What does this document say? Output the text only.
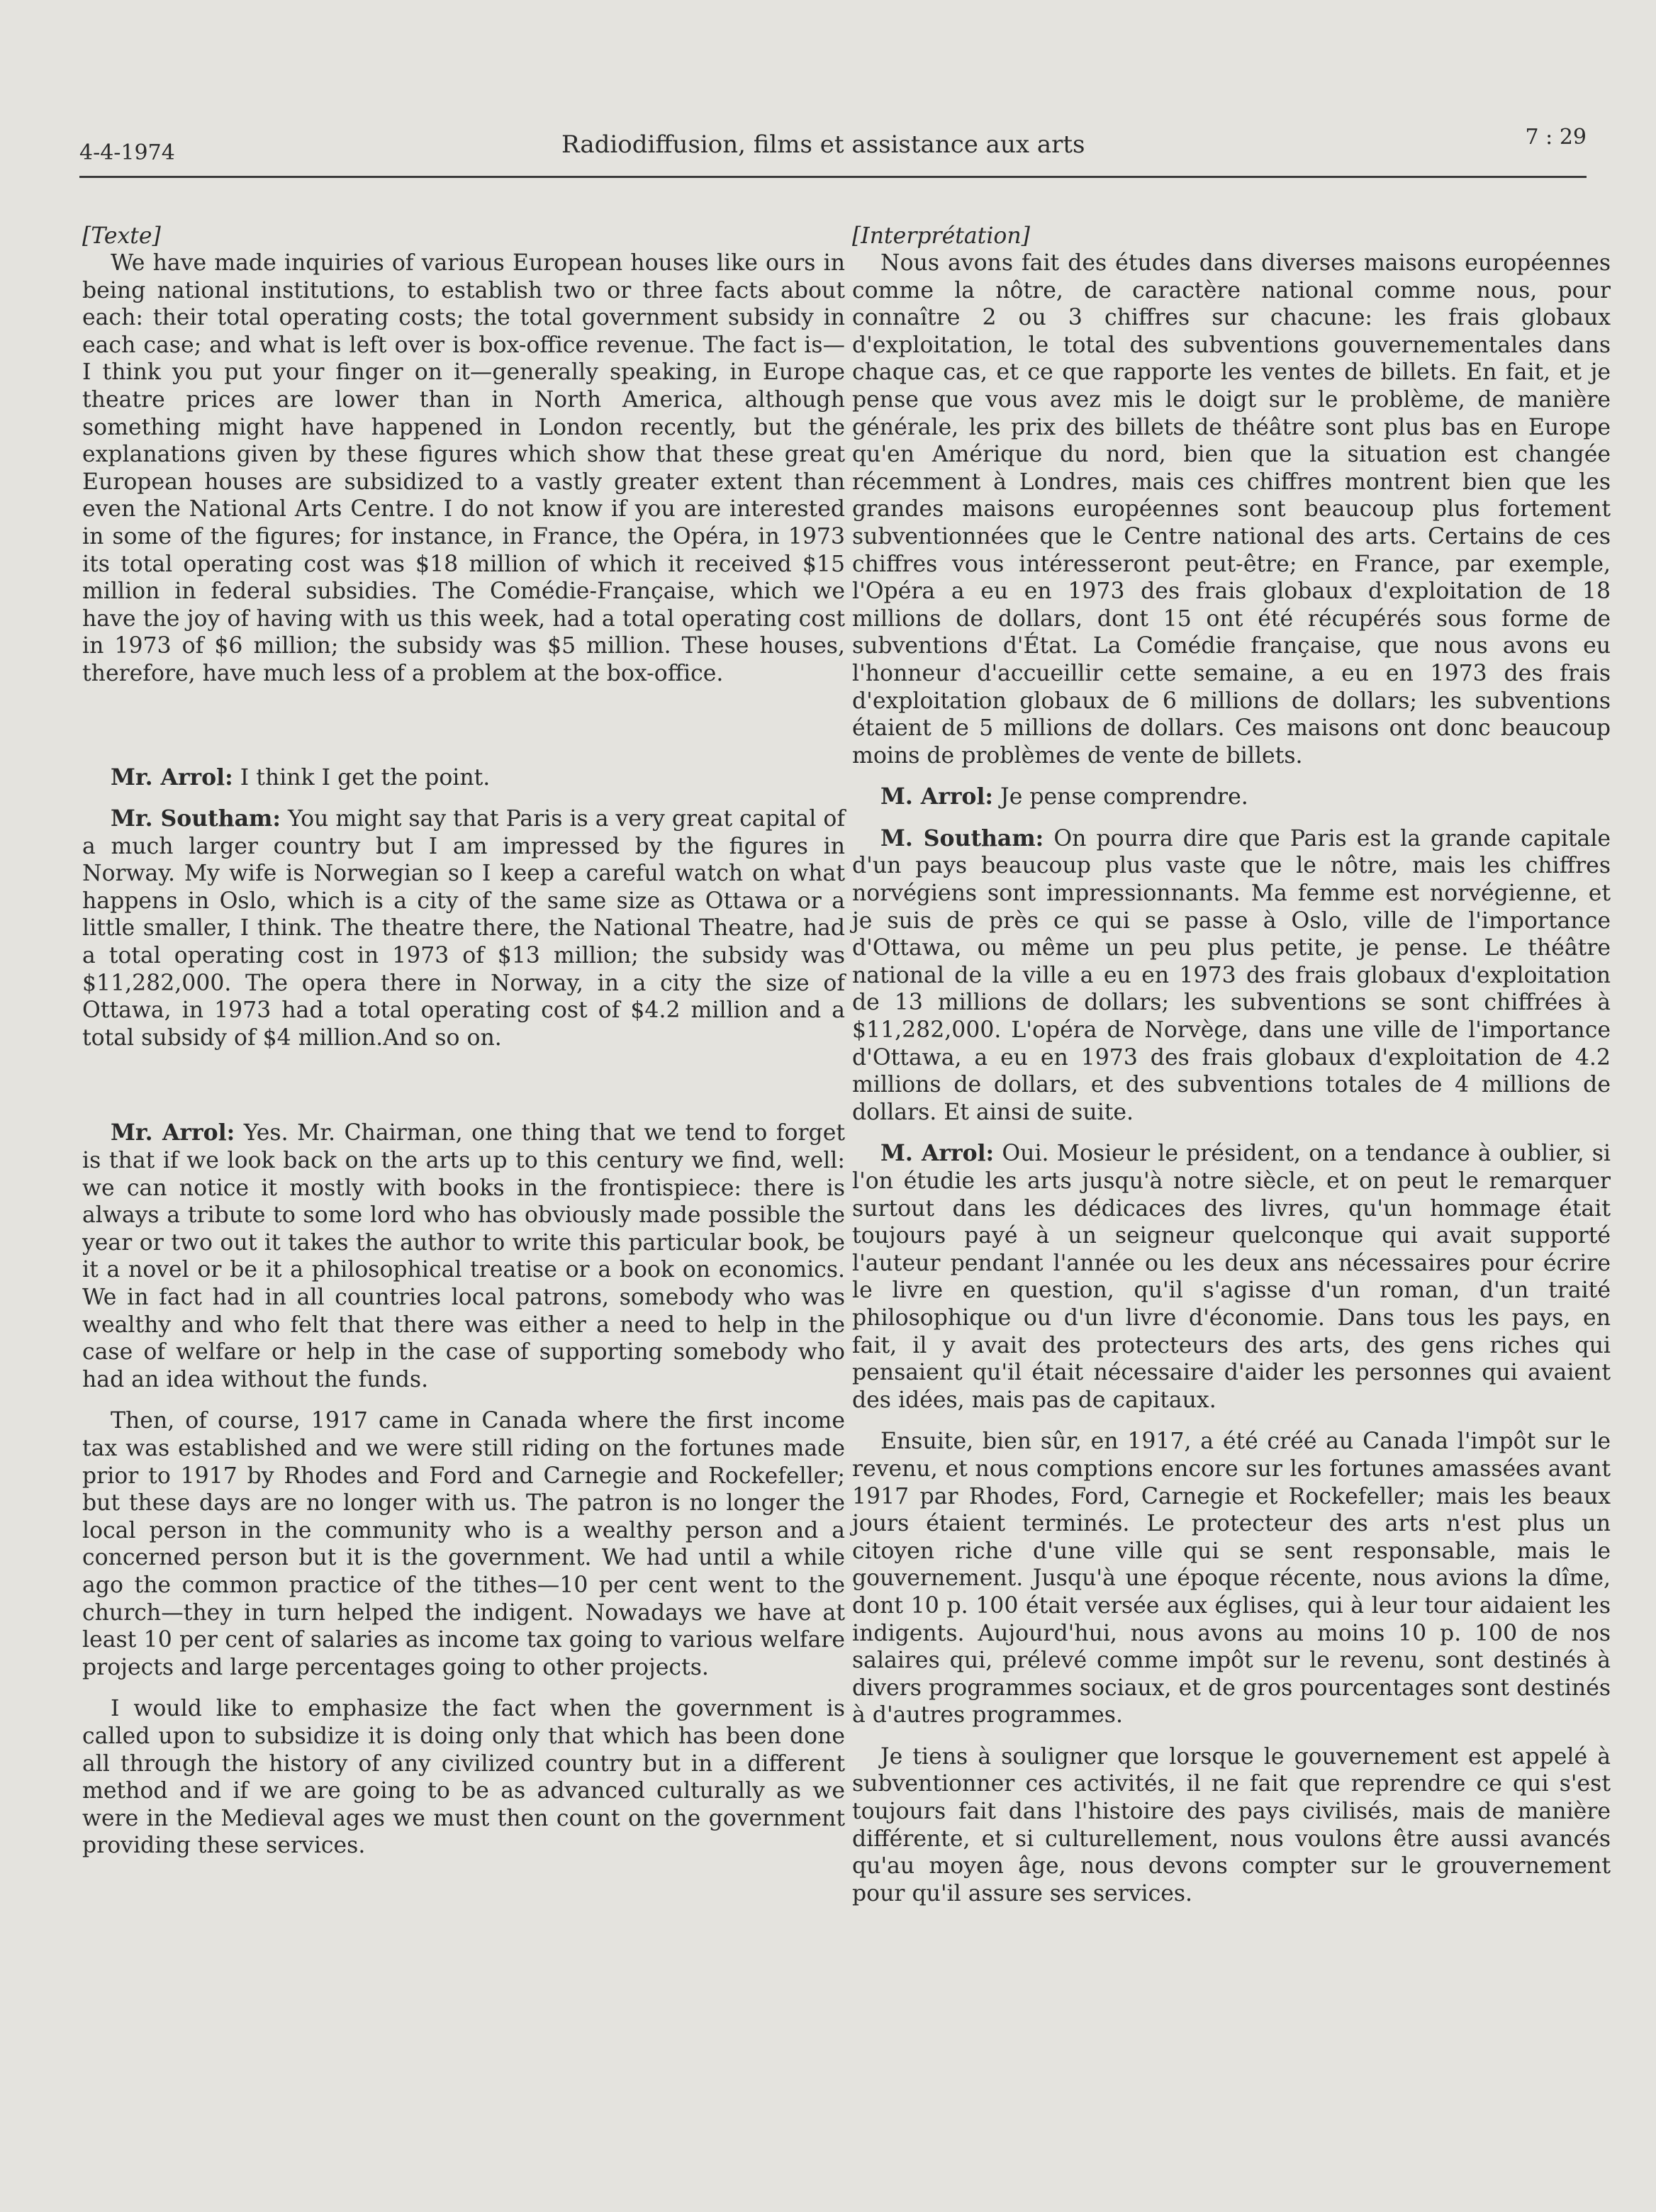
4-4-1974	Radiodiffusion, films et assistance aux arts	7 : 29

[Texte]

We have made inquiries of various European houses like ours in being national institutions, to establish two or three facts about each: their total operating costs; the total government subsidy in each case; and what is left over is box-office revenue. The fact is—I think you put your finger on it—generally speaking, in Europe theatre prices are lower than in North America, although something might have happened in London recently, but the explanations given by these figures which show that these great European houses are subsidized to a vastly greater extent than even the National Arts Centre. I do not know if you are interested in some of the figures; for instance, in France, the Opéra, in 1973 its total operating cost was $18 million of which it received $15 million in federal subsidies. The Comédie-Française, which we have the joy of having with us this week, had a total operating cost in 1973 of $6 million; the subsidy was $5 million. These houses, therefore, have much less of a problem at the box-office.

Mr. Arrol: I think I get the point.

Mr. Southam: You might say that Paris is a very great capital of a much larger country but I am impressed by the figures in Norway. My wife is Norwegian so I keep a careful watch on what happens in Oslo, which is a city of the same size as Ottawa or a little smaller, I think. The theatre there, the National Theatre, had a total operating cost in 1973 of $13 million; the subsidy was $11,282,000. The opera there in Norway, in a city the size of Ottawa, in 1973 had a total operating cost of $4.2 million and a total subsidy of $4 million.And so on.

Mr. Arrol: Yes. Mr. Chairman, one thing that we tend to forget is that if we look back on the arts up to this century we find, well: we can notice it mostly with books in the frontispiece: there is always a tribute to some lord who has obviously made possible the year or two out it takes the author to write this particular book, be it a novel or be it a philosophical treatise or a book on economics. We in fact had in all countries local patrons, somebody who was wealthy and who felt that there was either a need to help in the case of welfare or help in the case of supporting somebody who had an idea without the funds.

Then, of course, 1917 came in Canada where the first income tax was established and we were still riding on the fortunes made prior to 1917 by Rhodes and Ford and Carnegie and Rockefeller; but these days are no longer with us. The patron is no longer the local person in the community who is a wealthy person and a concerned person but it is the government. We had until a while ago the common practice of the tithes—10 per cent went to the church—they in turn helped the indigent. Nowadays we have at least 10 per cent of salaries as income tax going to various welfare projects and large percentages going to other projects.

I would like to emphasize the fact when the government is called upon to subsidize it is doing only that which has been done all through the history of any civilized country but in a different method and if we are going to be as advanced culturally as we were in the Medieval ages we must then count on the government providing these services.

[Interprétation]

Nous avons fait des études dans diverses maisons européennes comme la nôtre, de caractère national comme nous, pour connaître 2 ou 3 chiffres sur chacune: les frais globaux d'exploitation, le total des subventions gouvernementales dans chaque cas, et ce que rapporte les ventes de billets. En fait, et je pense que vous avez mis le doigt sur le problème, de manière générale, les prix des billets de théâtre sont plus bas en Europe qu'en Amérique du nord, bien que la situation est changée récemment à Londres, mais ces chiffres montrent bien que les grandes maisons européennes sont beaucoup plus fortement subventionnées que le Centre national des arts. Certains de ces chiffres vous intéresseront peut-être; en France, par exemple, l'Opéra a eu en 1973 des frais globaux d'exploitation de 18 millions de dollars, dont 15 ont été récupérés sous forme de subventions d'État. La Comédie française, que nous avons eu l'honneur d'accueillir cette semaine, a eu en 1973 des frais d'exploitation globaux de 6 millions de dollars; les subventions étaient de 5 millions de dollars. Ces maisons ont donc beaucoup moins de problèmes de vente de billets.

M. Arrol: Je pense comprendre.

M. Southam: On pourra dire que Paris est la grande capitale d'un pays beaucoup plus vaste que le nôtre, mais les chiffres norvégiens sont impressionnants. Ma femme est norvégienne, et je suis de près ce qui se passe à Oslo, ville de l'importance d'Ottawa, ou même un peu plus petite, je pense. Le théâtre national de la ville a eu en 1973 des frais globaux d'exploitation de 13 millions de dollars; les subventions se sont chiffrées à $11,282,000. L'opéra de Norvège, dans une ville de l'importance d'Ottawa, a eu en 1973 des frais globaux d'exploitation de 4.2 millions de dollars, et des subventions totales de 4 millions de dollars. Et ainsi de suite.

M. Arrol: Oui. Mosieur le président, on a tendance à oublier, si l'on étudie les arts jusqu'à notre siècle, et on peut le remarquer surtout dans les dédicaces des livres, qu'un hommage était toujours payé à un seigneur quelconque qui avait supporté l'auteur pendant l'année ou les deux ans nécessaires pour écrire le livre en question, qu'il s'agisse d'un roman, d'un traité philosophique ou d'un livre d'économie. Dans tous les pays, en fait, il y avait des protecteurs des arts, des gens riches qui pensaient qu'il était nécessaire d'aider les personnes qui avaient des idées, mais pas de capitaux.

Ensuite, bien sûr, en 1917, a été créé au Canada l'impôt sur le revenu, et nous comptions encore sur les fortunes amassées avant 1917 par Rhodes, Ford, Carnegie et Rockefeller; mais les beaux jours étaient terminés. Le protecteur des arts n'est plus un citoyen riche d'une ville qui se sent responsable, mais le gouvernement. Jusqu'à une époque récente, nous avions la dîme, dont 10 p. 100 était versée aux églises, qui à leur tour aidaient les indigents. Aujourd'hui, nous avons au moins 10 p. 100 de nos salaires qui, prélevé comme impôt sur le revenu, sont destinés à divers programmes sociaux, et de gros pourcentages sont destinés à d'autres programmes.

Je tiens à souligner que lorsque le gouvernement est appelé à subventionner ces activités, il ne fait que reprendre ce qui s'est toujours fait dans l'histoire des pays civilisés, mais de manière différente, et si culturellement, nous voulons être aussi avancés qu'au moyen âge, nous devons compter sur le grouvernement pour qu'il assure ses services.
